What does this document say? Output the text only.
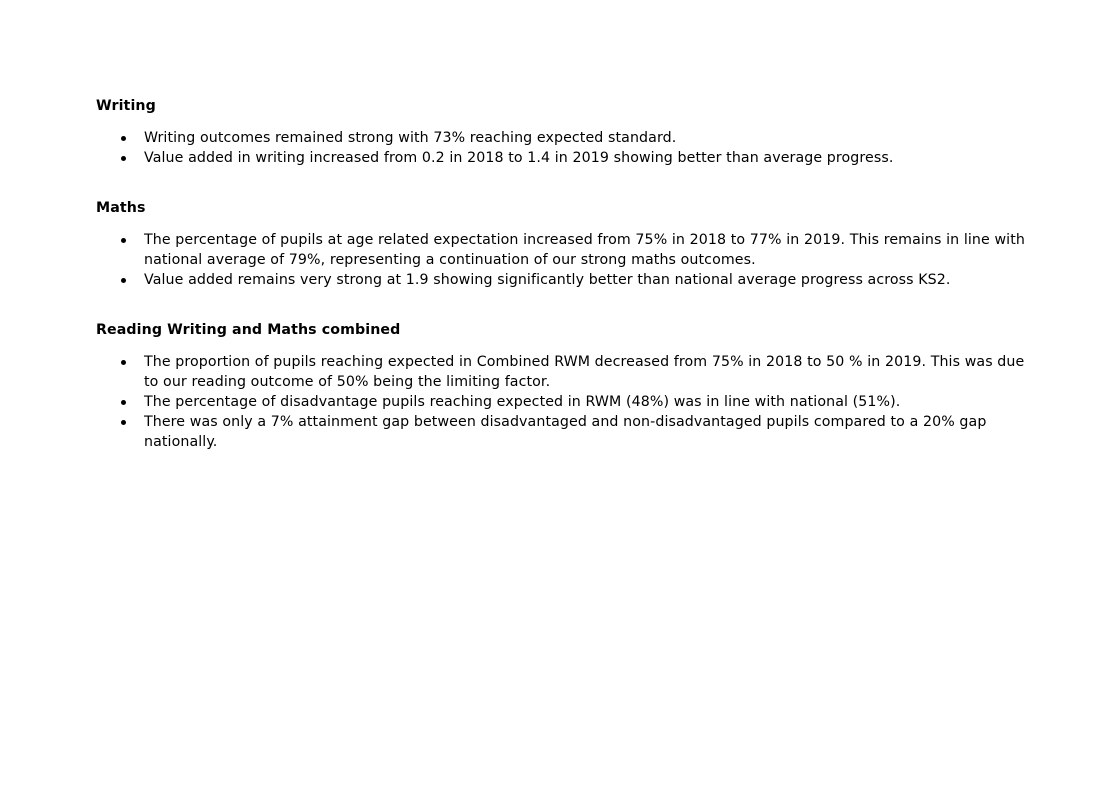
Writing
Writing outcomes remained strong with 73% reaching expected standard.
Value added in writing increased from 0.2 in 2018 to 1.4 in 2019 showing better than average progress.
Maths
The percentage of pupils at age related expectation increased from 75% in 2018 to 77% in 2019. This remains in line with national average of 79%, representing a continuation of our strong maths outcomes.
Value added remains very strong at 1.9 showing significantly better than national average progress across KS2.
Reading Writing and Maths combined
The proportion of pupils reaching expected in Combined RWM decreased from 75% in 2018 to 50 % in 2019. This was due to our reading outcome of 50% being the limiting factor.
The percentage of disadvantage pupils reaching expected in RWM (48%) was in line with national (51%).
There was only a 7% attainment gap between disadvantaged and non-disadvantaged pupils compared to a 20% gap nationally.
